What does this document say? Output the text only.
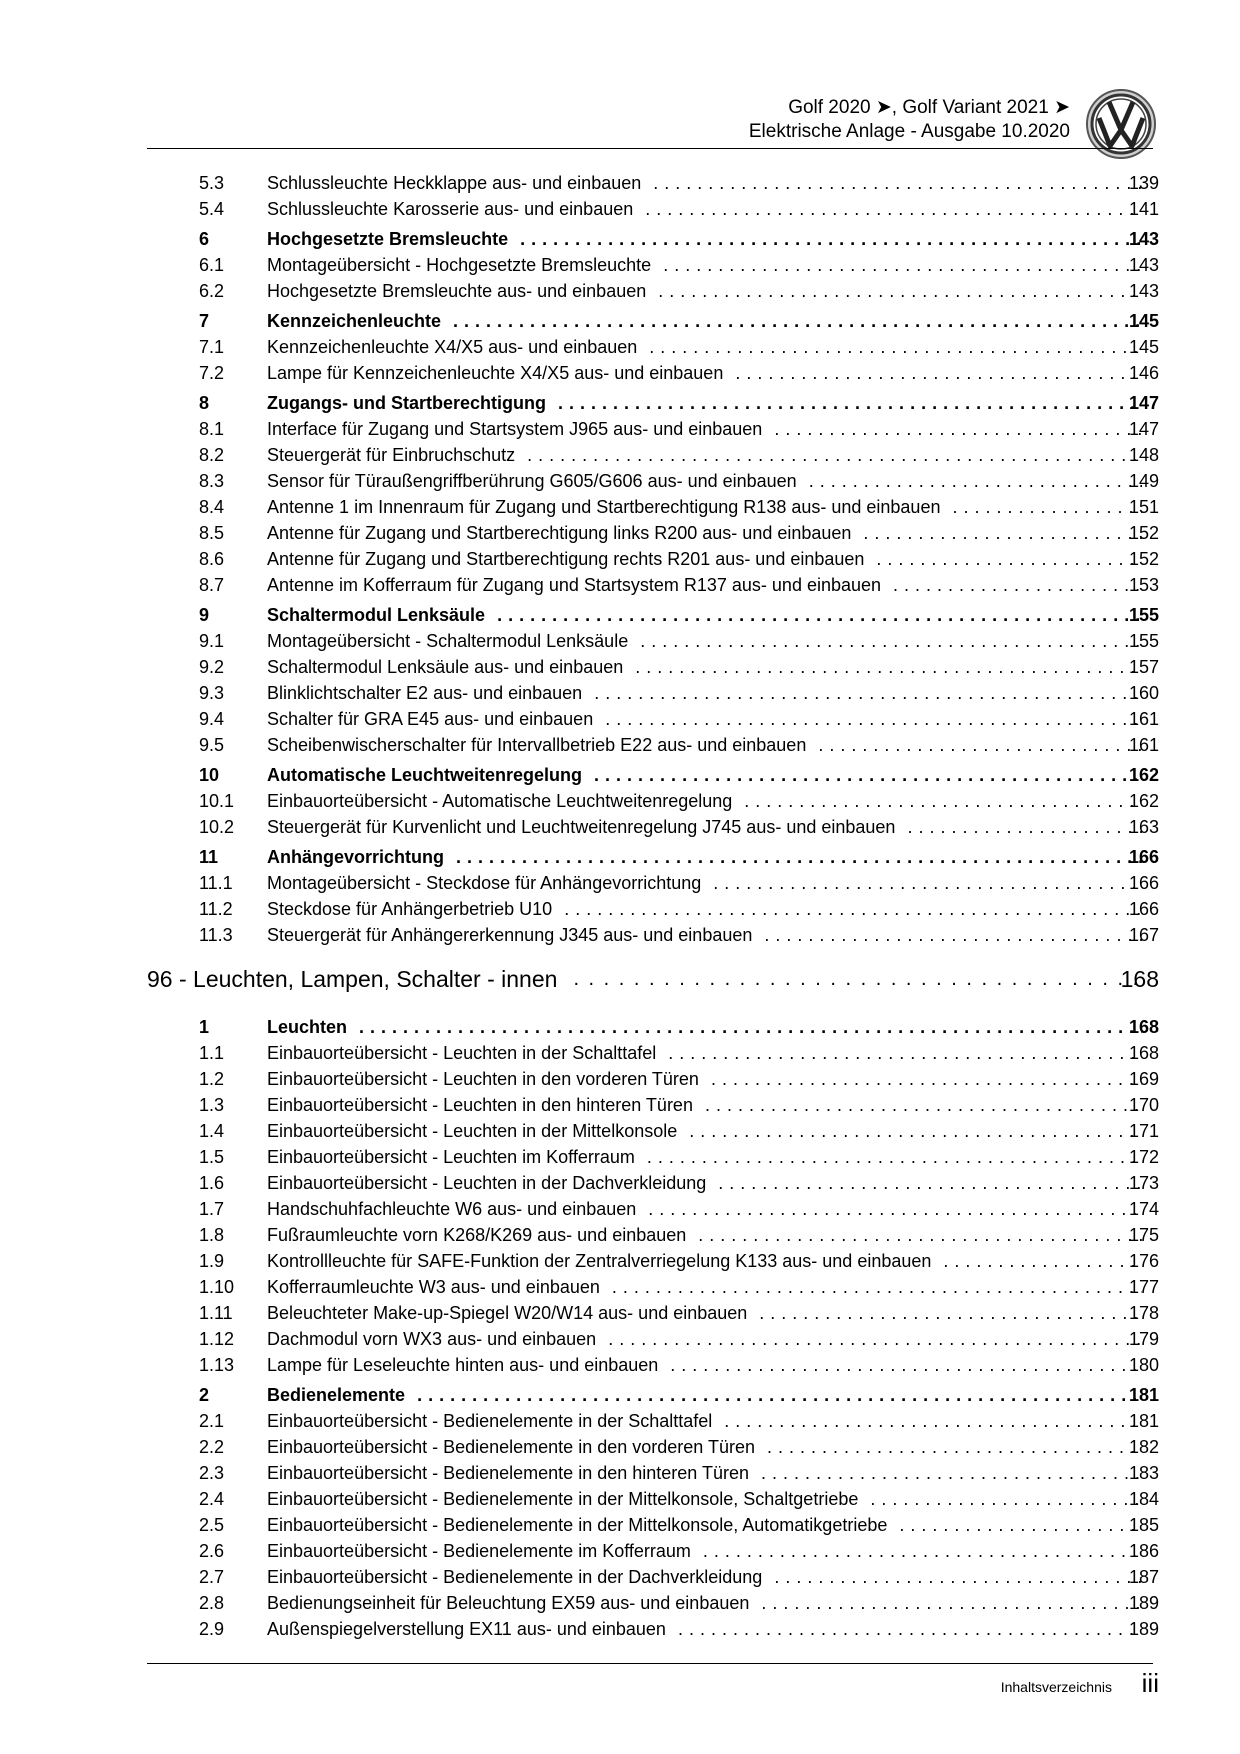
Golf 2020 ➤, Golf Variant 2021 ➤
Elektrische Anlage - Ausgabe 10.2020
5.3 Schlussleuchte Heckklappe aus- und einbauen . . .	139
5.4 Schlussleuchte Karosserie aus- und einbauen . . .	141
6	Hochgesetzte Bremsleuchte . . .	143
6.1 Montageübersicht - Hochgesetzte Bremsleuchte . . .	143
6.2 Hochgesetzte Bremsleuchte aus- und einbauen . . .	143
7	Kennzeichenleuchte . . .	145
7.1 Kennzeichenleuchte X4/X5 aus- und einbauen . . .	145
7.2 Lampe für Kennzeichenleuchte X4/X5 aus- und einbauen . . .	146
8	Zugangs- und Startberechtigung . . .	147
8.1 Interface für Zugang und Startsystem J965 aus- und einbauen . . .	147
8.2 Steuergerät für Einbruchschutz . . .	148
8.3 Sensor für Türaußengriffberührung G605/G606 aus- und einbauen . . .	149
8.4 Antenne 1 im Innenraum für Zugang und Startberechtigung R138 aus- und einbauen . . .	151
8.5 Antenne für Zugang und Startberechtigung links R200 aus- und einbauen . . .	152
8.6 Antenne für Zugang und Startberechtigung rechts R201 aus- und einbauen . . .	152
8.7 Antenne im Kofferraum für Zugang und Startsystem R137 aus- und einbauen . . .	153
9	Schaltermodul Lenksäule . . .	155
9.1 Montageübersicht - Schaltermodul Lenksäule . . .	155
9.2 Schaltermodul Lenksäule aus- und einbauen . . .	157
9.3 Blinklichtschalter E2 aus- und einbauen . . .	160
9.4 Schalter für GRA E45 aus- und einbauen . . .	161
9.5 Scheibenwischerschalter für Intervallbetrieb E22 aus- und einbauen . . .	161
10	Automatische Leuchtweitenregelung . . .	162
10.1 Einbauorteübersicht - Automatische Leuchtweitenregelung . . .	162
10.2 Steuergerät für Kurvenlicht und Leuchtweitenregelung J745 aus- und einbauen . . .	163
11	Anhängevorrichtung . . .	166
11.1 Montageübersicht - Steckdose für Anhängevorrichtung . . .	166
11.2 Steckdose für Anhängerbetrieb U10 . . .	166
11.3 Steuergerät für Anhängererkennung J345 aus- und einbauen . . .	167
96 - Leuchten, Lampen, Schalter - innen . . .	168
1	Leuchten . . .	168
1.1 Einbauorteübersicht - Leuchten in der Schalttafel . . .	168
1.2 Einbauorteübersicht - Leuchten in den vorderen Türen . . .	169
1.3 Einbauorteübersicht - Leuchten in den hinteren Türen . . .	170
1.4 Einbauorteübersicht - Leuchten in der Mittelkonsole . . .	171
1.5 Einbauorteübersicht - Leuchten im Kofferraum . . .	172
1.6 Einbauorteübersicht - Leuchten in der Dachverkleidung . . .	173
1.7 Handschuhfachleuchte W6 aus- und einbauen . . .	174
1.8 Fußraumleuchte vorn K268/K269 aus- und einbauen . . .	175
1.9 Kontrollleuchte für SAFE-Funktion der Zentralverriegelung K133 aus- und einbauen . . .	176
1.10 Kofferraumleuchte W3 aus- und einbauen . . .	177
1.11 Beleuchteter Make-up-Spiegel W20/W14 aus- und einbauen . . .	178
1.12 Dachmodul vorn WX3 aus- und einbauen . . .	179
1.13 Lampe für Leseleuchte hinten aus- und einbauen . . .	180
2	Bedienelemente . . .	181
2.1 Einbauorteübersicht - Bedienelemente in der Schalttafel . . .	181
2.2 Einbauorteübersicht - Bedienelemente in den vorderen Türen . . .	182
2.3 Einbauorteübersicht - Bedienelemente in den hinteren Türen . . .	183
2.4 Einbauorteübersicht - Bedienelemente in der Mittelkonsole, Schaltgetriebe . . .	184
2.5 Einbauorteübersicht - Bedienelemente in der Mittelkonsole, Automatikgetriebe . . .	185
2.6 Einbauorteübersicht - Bedienelemente im Kofferraum . . .	186
2.7 Einbauorteübersicht - Bedienelemente in der Dachverkleidung . . .	187
2.8 Bedienungseinheit für Beleuchtung EX59 aus- und einbauen . . .	189
2.9 Außenspiegelverstellung EX11 aus- und einbauen . . .	189
Inhaltsverzeichnis iii
